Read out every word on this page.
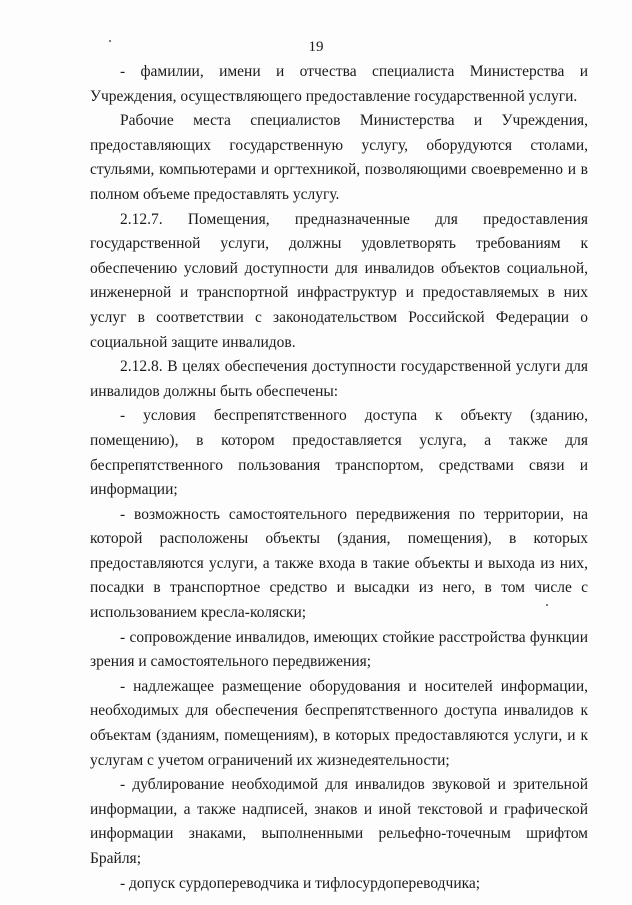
19

- фамилии, имени и отчества специалиста Министерства и Учреждения, осуществляющего предоставление государственной услуги.

Рабочие места специалистов Министерства и Учреждения, предоставляющих государственную услугу, оборудуются столами, стульями, компьютерами и оргтехникой, позволяющими своевременно и в полном объеме предоставлять услугу.

2.12.7. Помещения, предназначенные для предоставления государственной услуги, должны удовлетворять требованиям к обеспечению условий доступности для инвалидов объектов социальной, инженерной и транспортной инфраструктур и предоставляемых в них услуг в соответствии с законодательством Российской Федерации о социальной защите инвалидов.

2.12.8. В целях обеспечения доступности государственной услуги для инвалидов должны быть обеспечены:

- условия беспрепятственного доступа к объекту (зданию, помещению), в котором предоставляется услуга, а также для беспрепятственного пользования транспортом, средствами связи и информации;

- возможность самостоятельного передвижения по территории, на которой расположены объекты (здания, помещения), в которых предоставляются услуги, а также входа в такие объекты и выхода из них, посадки в транспортное средство и высадки из него, в том числе с использованием кресла-коляски;

- сопровождение инвалидов, имеющих стойкие расстройства функции зрения и самостоятельного передвижения;

- надлежащее размещение оборудования и носителей информации, необходимых для обеспечения беспрепятственного доступа инвалидов к объектам (зданиям, помещениям), в которых предоставляются услуги, и к услугам с учетом ограничений их жизнедеятельности;

- дублирование необходимой для инвалидов звуковой и зрительной информации, а также надписей, знаков и иной текстовой и графической информации знаками, выполненными рельефно-точечным шрифтом Брайля;

- допуск сурдопереводчика и тифлосурдопереводчика;
